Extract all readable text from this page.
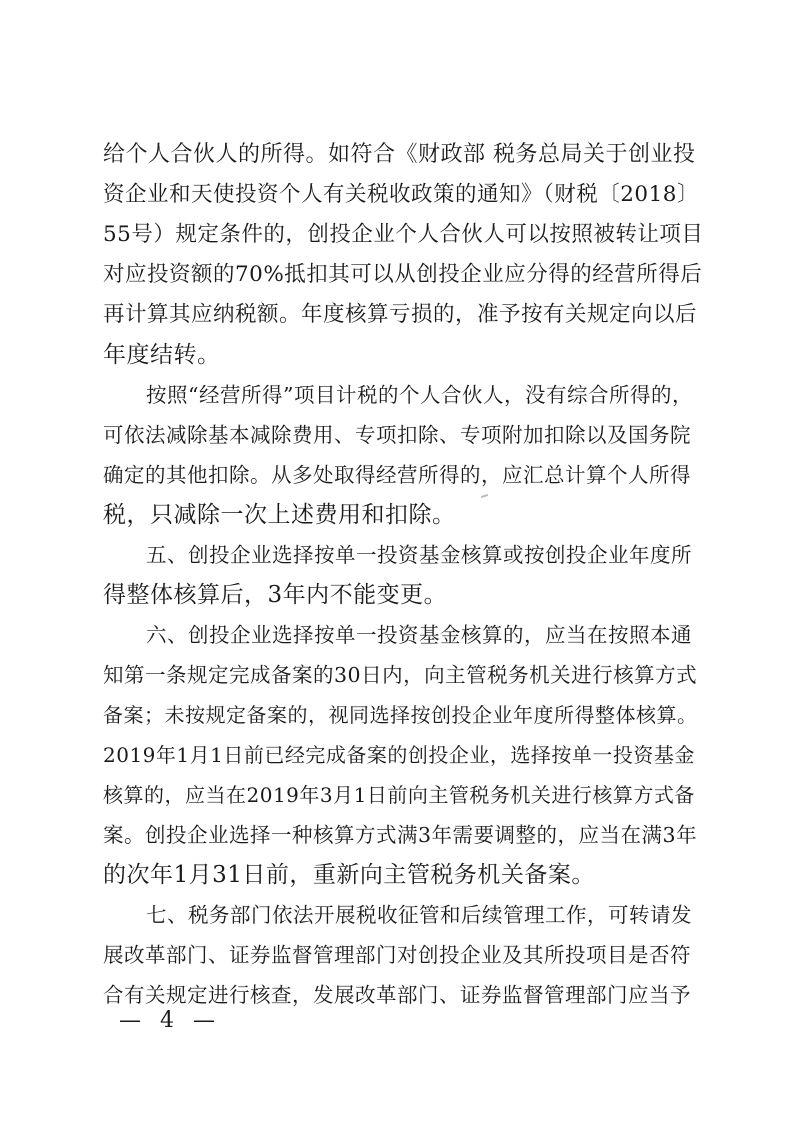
给个人合伙人的所得。如符合《财政部 税务总局关于创业投
资企业和天使投资个人有关税收政策的通知》（财税〔2018〕
55号）规定条件的，创投企业个人合伙人可以按照被转让项目
对应投资额的70%抵扣其可以从创投企业应分得的经营所得后
再计算其应纳税额。年度核算亏损的，准予按有关规定向以后
年度结转。
按照“经营所得”项目计税的个人合伙人，没有综合所得的，
可依法减除基本减除费用、专项扣除、专项附加扣除以及国务院
确定的其他扣除。从多处取得经营所得的，应汇总计算个人所得
税，只减除一次上述费用和扣除。
五、创投企业选择按单一投资基金核算或按创投企业年度所
得整体核算后，3年内不能变更。
六、创投企业选择按单一投资基金核算的，应当在按照本通
知第一条规定完成备案的30日内，向主管税务机关进行核算方式
备案；未按规定备案的，视同选择按创投企业年度所得整体核算。
2019年1月1日前已经完成备案的创投企业，选择按单一投资基金
核算的，应当在2019年3月1日前向主管税务机关进行核算方式备
案。创投企业选择一种核算方式满3年需要调整的，应当在满3年
的次年1月31日前，重新向主管税务机关备案。
七、税务部门依法开展税收征管和后续管理工作，可转请发
展改革部门、证券监督管理部门对创投企业及其所投项目是否符
合有关规定进行核查，发展改革部门、证券监督管理部门应当予
— 4 —
